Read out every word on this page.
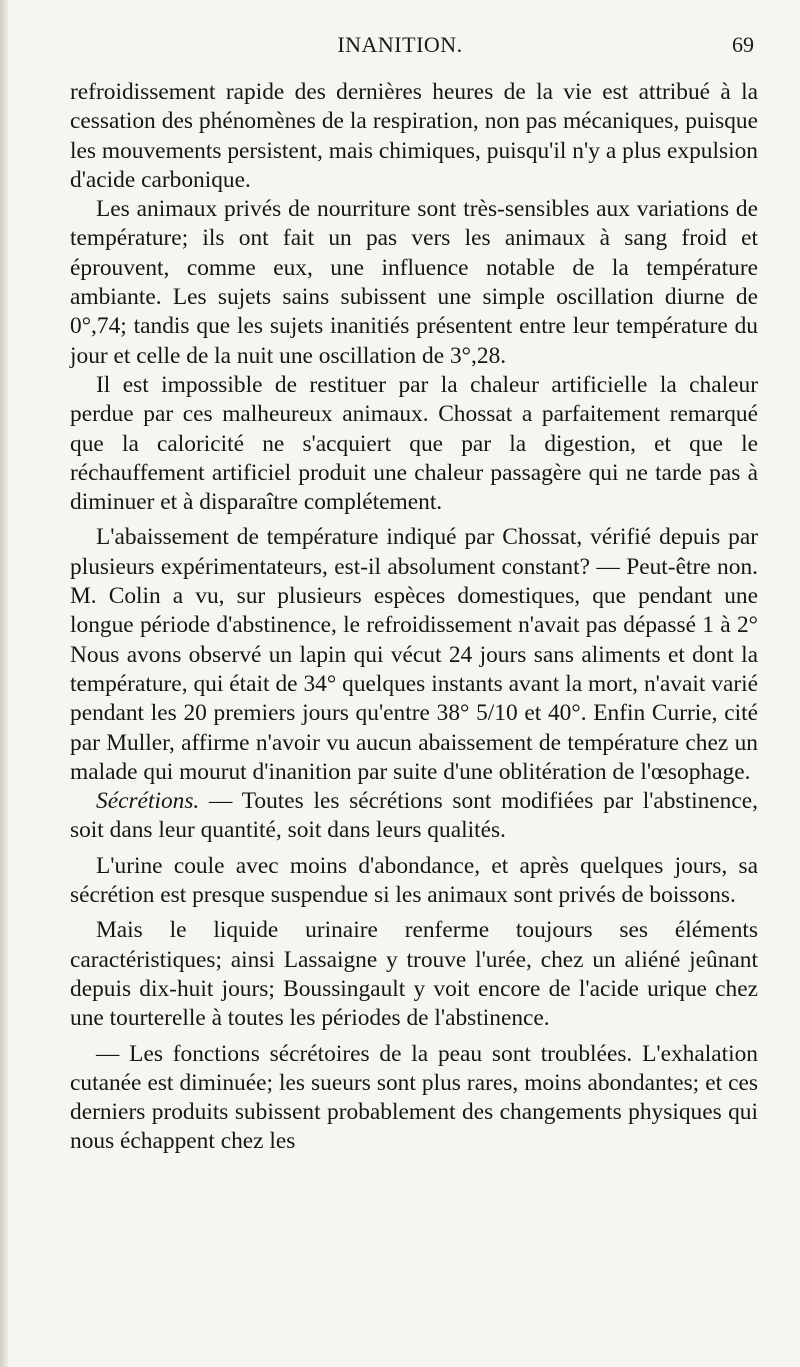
INANITION.	69

refroidissement rapide des dernières heures de la vie est attribué à la cessation des phénomènes de la respiration, non pas mécaniques, puisque les mouvements persistent, mais chimiques, puisqu'il n'y a plus expulsion d'acide carbonique.

Les animaux privés de nourriture sont très-sensibles aux variations de température; ils ont fait un pas vers les animaux à sang froid et éprouvent, comme eux, une influence notable de la température ambiante. Les sujets sains subissent une simple oscillation diurne de 0°,74; tandis que les sujets inanitiés présentent entre leur température du jour et celle de la nuit une oscillation de 3°,28.

Il est impossible de restituer par la chaleur artificielle la chaleur perdue par ces malheureux animaux. Chossat a parfaitement remarqué que la caloricité ne s'acquiert que par la digestion, et que le réchauffement artificiel produit une chaleur passagère qui ne tarde pas à diminuer et à disparaître complétement.

L'abaissement de température indiqué par Chossat, vérifié depuis par plusieurs expérimentateurs, est-il absolument constant? — Peut-être non. M. Colin a vu, sur plusieurs espèces domestiques, que pendant une longue période d'abstinence, le refroidissement n'avait pas dépassé 1 à 2° Nous avons observé un lapin qui vécut 24 jours sans aliments et dont la température, qui était de 34° quelques instants avant la mort, n'avait varié pendant les 20 premiers jours qu'entre 38° 5/10 et 40°. Enfin Currie, cité par Muller, affirme n'avoir vu aucun abaissement de température chez un malade qui mourut d'inanition par suite d'une oblitération de l'œsophage.

Sécrétions. — Toutes les sécrétions sont modifiées par l'abstinence, soit dans leur quantité, soit dans leurs qualités.

L'urine coule avec moins d'abondance, et après quelques jours, sa sécrétion est presque suspendue si les animaux sont privés de boissons.

Mais le liquide urinaire renferme toujours ses éléments caractéristiques; ainsi Lassaigne y trouve l'urée, chez un aliéné jeûnant depuis dix-huit jours; Boussingault y voit encore de l'acide urique chez une tourterelle à toutes les périodes de l'abstinence.

— Les fonctions sécrétoires de la peau sont troublées. L'exhalation cutanée est diminuée; les sueurs sont plus rares, moins abondantes; et ces derniers produits subissent probablement des changements physiques qui nous échappent chez les
